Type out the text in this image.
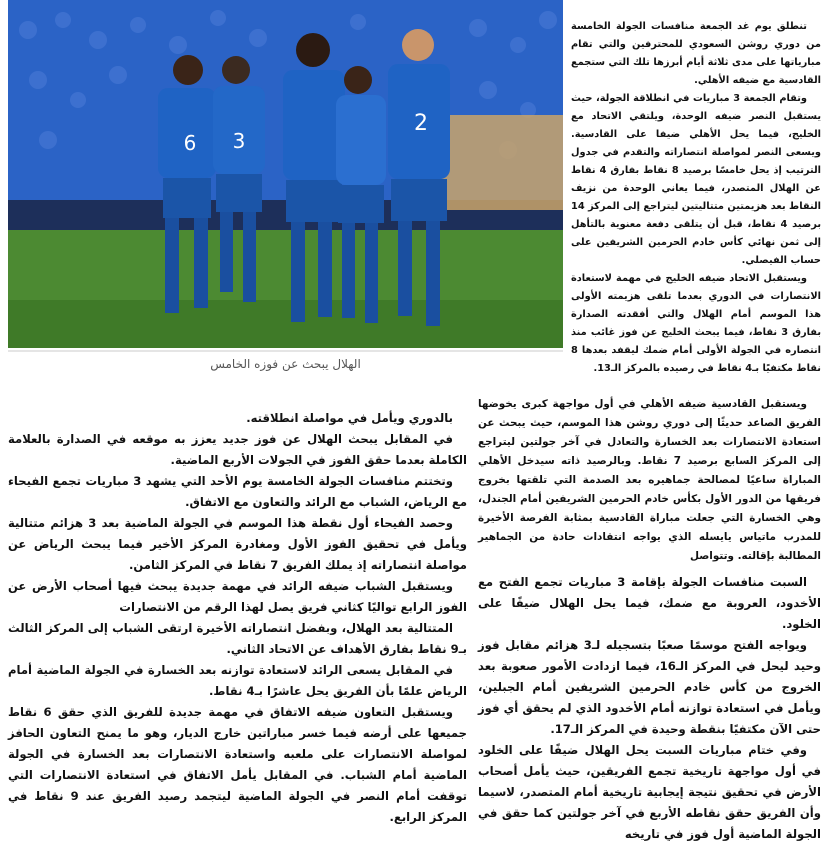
6 3
2
الهلال يبحث عن فوزه الخامس

تنطلق يوم غد الجمعة منافسات الجولة الخامسة من دوري روشن السعودي للمحترفين والتي تقام مبارياتها على مدى ثلاثة أيام أبرزها تلك التي ستجمع القادسية مع ضيفه الأهلي.

وتقام الجمعة 3 مباريات في انطلاقة الجولة، حيث يستقبل النصر ضيفه الوحدة، ويلتقي الاتحاد مع الخليج، فيما يحل الأهلي ضيفا على القادسية. ويسعى النصر لمواصلة انتصاراته والتقدم في جدول الترتيب إذ يحل خامسًا برصيد 8 نقاط بفارق 4 نقاط عن الهلال المتصدر، فيما يعاني الوحدة من نزيف النقاط بعد هزيمتين متتاليتين ليتراجع إلى المركز 14 برصيد 4 نقاط، قبل أن يتلقى دفعة معنوية بالتأهل إلى ثمن نهائي كأس خادم الحرمين الشريفين على حساب الفيصلي.

ويستقبل الاتحاد ضيفه الخليج في مهمة لاستعادة الانتصارات في الدوري بعدما تلقى هزيمته الأولى هذا الموسم أمام الهلال والتي أفقدته الصدارة بفارق 3 نقاط، فيما يبحث الخليج عن فوز غائب منذ انتصاره في الجولة الأولى أمام ضمك ليقفد بعدها 8 نقاط مكتفيًا بـ4 نقاط في رصيده بالمركز الـ13.

ويستقبل القادسية ضيفه الأهلي في أول مواجهة كبرى يخوضها الفريق الصاعد حديثًا إلى دوري روشن هذا الموسم، حيث يبحث عن استعادة الانتصارات بعد الخسارة والتعادل في آخر جولتين ليتراجع إلى المركز السابع برصيد 7 نقاط. وبالرصيد ذاته سيدخل الأهلي المباراة ساعيًا لمصالحة جماهيره بعد الصدمة التي تلقتها بخروج فريقها من الدور الأول بكأس خادم الحرمين الشريفين أمام الجندل، وهي الخسارة التي جعلت مباراة القادسية بمثابة الفرصة الأخيرة للمدرب ماتياس يايسله الذي يواجه انتقادات حادة من الجماهير المطالبة بإقالته. وتتواصل

السبت منافسات الجولة بإقامة 3 مباريات تجمع الفتح مع الأخدود، العروبة مع ضمك، فيما يحل الهلال ضيفًا على الخلود.

ويواجه الفتح موسمًا صعبًا بتسجيله لـ3 هزائم مقابل فوز وحيد ليحل في المركز الـ16، فيما ازدادت الأمور صعوبة بعد الخروج من كأس خادم الحرمين الشريفين أمام الجبلين، ويأمل في استعادة توازنه أمام الأخدود الذي لم يحقق أي فوز حتى الآن مكتفيًا بنقطة وحيدة في المركز الـ17.

وفي ختام مباريات السبت يحل الهلال ضيفًا على الخلود في أول مواجهة تاريخية تجمع الفريقين، حيث يأمل أصحاب الأرض في تحقيق نتيجة إيجابية تاريخية أمام المتصدر، لاسيما وأن الفريق حقق نقاطه الأربع في آخر جولتين كما حقق في الجولة الماضية أول فوز في تاريخه

بالدوري ويأمل في مواصلة انطلاقته.

في المقابل يبحث الهلال عن فوز جديد يعزز به موقعه في الصدارة بالعلامة الكاملة بعدما حقق الفوز في الجولات الأربع الماضية.

وتختتم منافسات الجولة الخامسة يوم الأحد التي يشهد 3 مباريات تجمع الفيحاء مع الرياض، الشباب مع الرائد والتعاون مع الاتفاق.

وحصد الفيحاء أول نقطة هذا الموسم في الجولة الماضية بعد 3 هزائم متتالية ويأمل في تحقيق الفوز الأول ومغادرة المركز الأخير فيما يبحث الرياض عن مواصلة انتصاراته إذ يملك الفريق 7 نقاط في المركز الثامن.

ويستقبل الشباب ضيفه الرائد في مهمة جديدة يبحث فيها أصحاب الأرض عن الفوز الرابع تواليًا كثاني فريق يصل لهذا الرقم من الانتصارات

المتتالية بعد الهلال، وبفضل انتصاراته الأخيرة ارتقى الشباب إلى المركز الثالث بـ9 نقاط بفارق الأهداف عن الاتحاد الثاني.

في المقابل يسعى الرائد لاستعادة توازنه بعد الخسارة في الجولة الماضية أمام الرياض علمًا بأن الفريق يحل عاشرًا بـ4 نقاط.

ويستقبل التعاون ضيفه الاتفاق في مهمة جديدة للفريق الذي حقق 6 نقاط جميعها على أرضه فيما خسر مباراتين خارج الديار، وهو ما يمنح التعاون الحافز لمواصلة الانتصارات على ملعبه واستعادة الانتصارات بعد الخسارة في الجولة الماضية أمام الشباب. في المقابل يأمل الاتفاق في استعادة الانتصارات التي توقفت أمام النصر في الجولة الماضية ليتجمد رصيد الفريق عند 9 نقاط في المركز الرابع.
